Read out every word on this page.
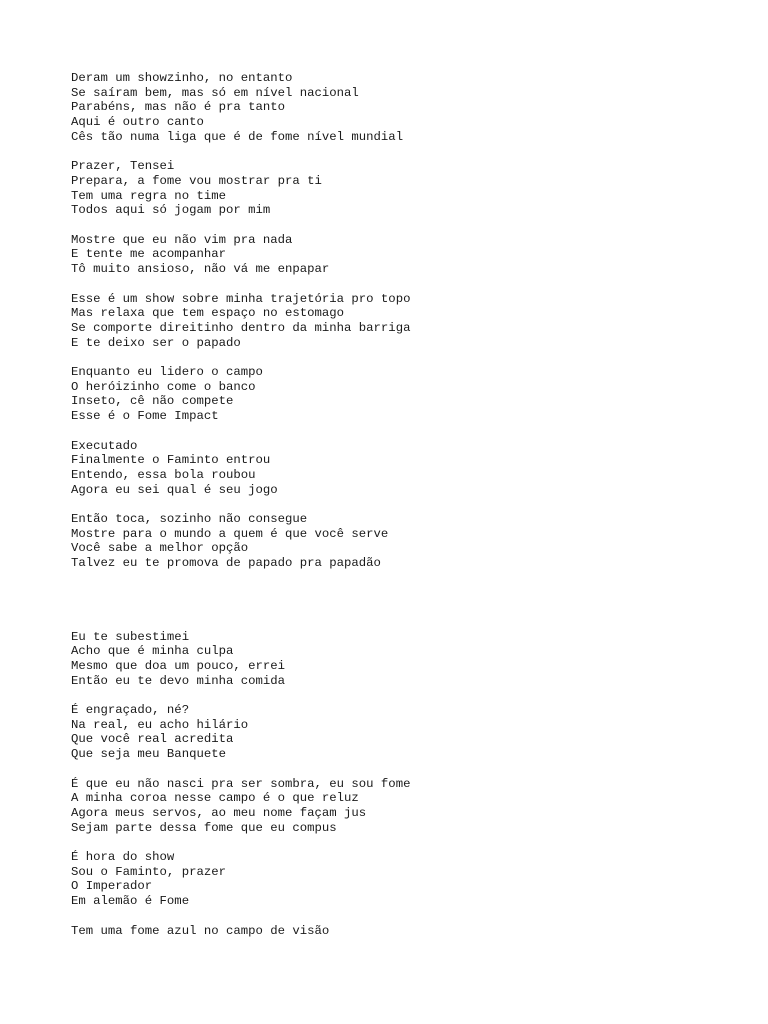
Deram um showzinho, no entanto
Se saíram bem, mas só em nível nacional
Parabéns, mas não é pra tanto
Aqui é outro canto
Cês tão numa liga que é de fome nível mundial
Prazer, Tensei
Prepara, a fome vou mostrar pra ti
Tem uma regra no time
Todos aqui só jogam por mim
Mostre que eu não vim pra nada
E tente me acompanhar
Tô muito ansioso, não vá me enpapar
Esse é um show sobre minha trajetória pro topo
Mas relaxa que tem espaço no estomago
Se comporte direitinho dentro da minha barriga
E te deixo ser o papado
Enquanto eu lidero o campo
O heróizinho come o banco
Inseto, cê não compete
Esse é o Fome Impact
Executado
Finalmente o Faminto entrou
Entendo, essa bola roubou
Agora eu sei qual é seu jogo
Então toca, sozinho não consegue
Mostre para o mundo a quem é que você serve
Você sabe a melhor opção
Talvez eu te promova de papado pra papadão
Eu te subestimei
Acho que é minha culpa
Mesmo que doa um pouco, errei
Então eu te devo minha comida
É engraçado, né?
Na real, eu acho hilário
Que você real acredita
Que seja meu Banquete
É que eu não nasci pra ser sombra, eu sou fome
A minha coroa nesse campo é o que reluz
Agora meus servos, ao meu nome façam jus
Sejam parte dessa fome que eu compus
É hora do show
Sou o Faminto, prazer
O Imperador
Em alemão é Fome
Tem uma fome azul no campo de visão
